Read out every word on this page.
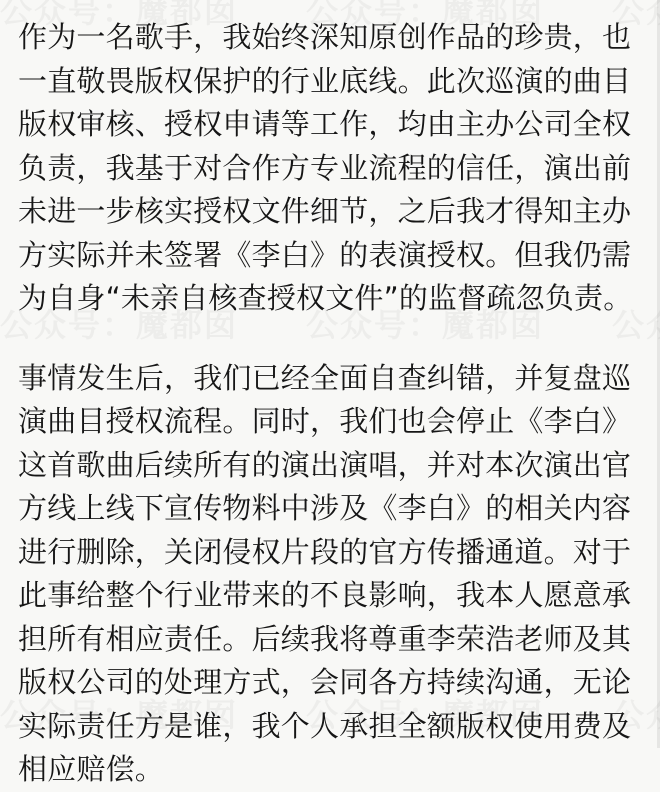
作为一名歌手，我始终深知原创作品的珍贵，也一直敬畏版权保护的行业底线。此次巡演的曲目版权审核、授权申请等工作，均由主办公司全权负责，我基于对合作方专业流程的信任，演出前未进一步核实授权文件细节，之后我才得知主办方实际并未签署《李白》的表演授权。但我仍需为自身“未亲自核查授权文件”的监督疏忽负责。

事情发生后，我们已经全面自查纠错，并复盘巡演曲目授权流程。同时，我们也会停止《李白》这首歌曲后续所有的演出演唱，并对本次演出官方线上线下宣传物料中涉及《李白》的相关内容进行删除，关闭侵权片段的官方传播通道。对于此事给整个行业带来的不良影响，我本人愿意承担所有相应责任。后续我将尊重李荣浩老师及其版权公司的处理方式，会同各方持续沟通，无论实际责任方是谁，我个人承担全额版权使用费及相应赔偿。
